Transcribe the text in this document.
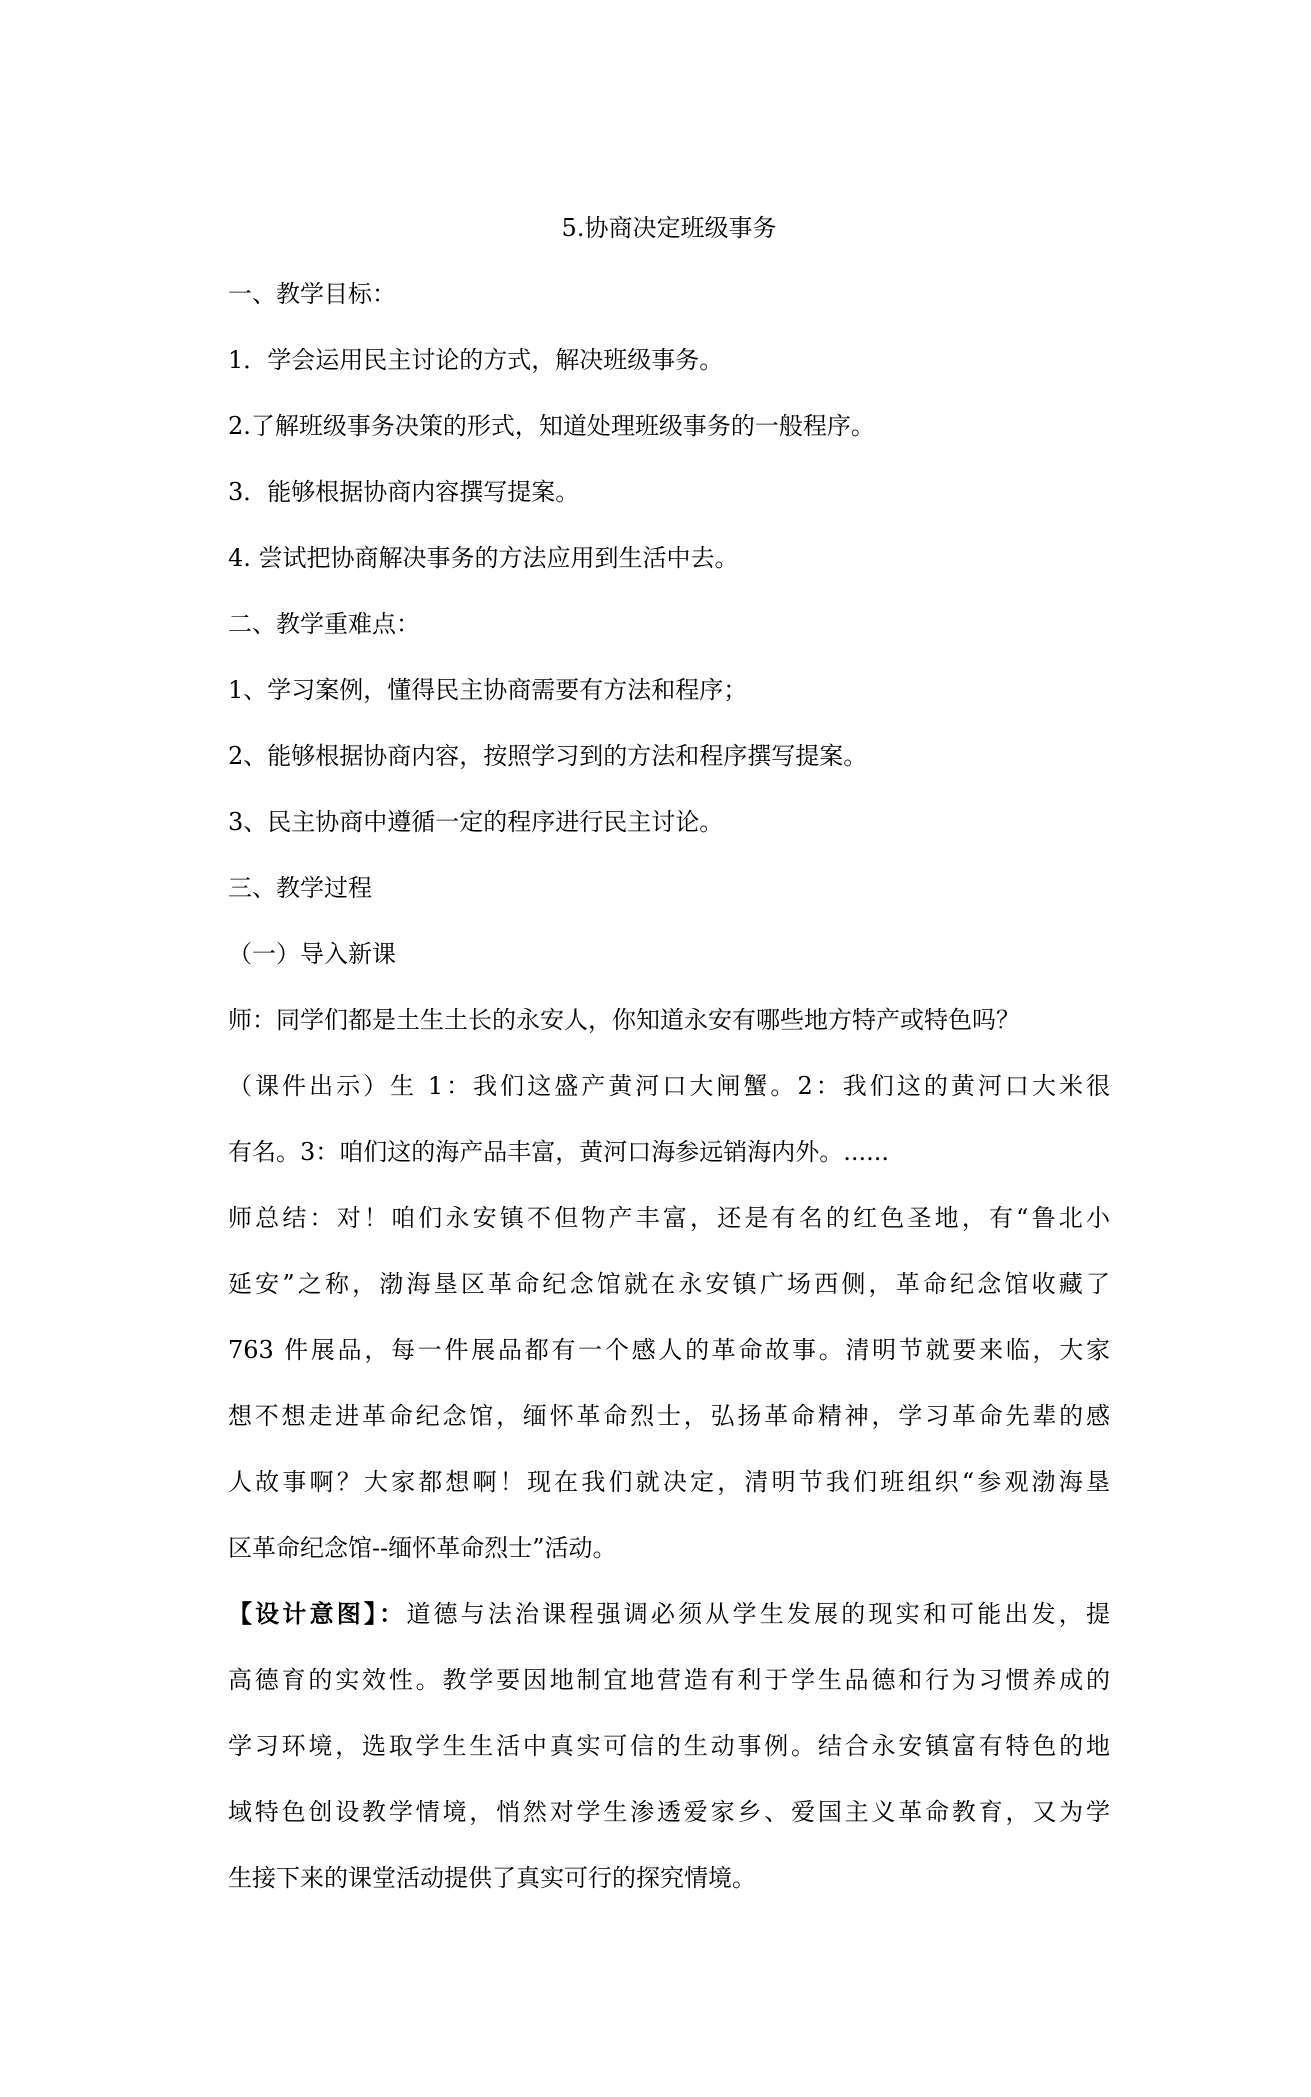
5.协商决定班级事务
一、教学目标：
1．学会运用民主讨论的方式，解决班级事务。
2.了解班级事务决策的形式，知道处理班级事务的一般程序。
3．能够根据协商内容撰写提案。
4. 尝试把协商解决事务的方法应用到生活中去。
二、教学重难点：
1、学习案例，懂得民主协商需要有方法和程序；
2、能够根据协商内容，按照学习到的方法和程序撰写提案。
3、民主协商中遵循一定的程序进行民主讨论。
三、教学过程
（一）导入新课
师：同学们都是土生土长的永安人，你知道永安有哪些地方特产或特色吗？
（课件出示）生 1：我们这盛产黄河口大闸蟹。2：我们这的黄河口大米很
有名。3：咱们这的海产品丰富，黄河口海参远销海内外。......
师总结：对！咱们永安镇不但物产丰富，还是有名的红色圣地，有“鲁北小
延安”之称，渤海垦区革命纪念馆就在永安镇广场西侧，革命纪念馆收藏了
763 件展品，每一件展品都有一个感人的革命故事。清明节就要来临，大家
想不想走进革命纪念馆，缅怀革命烈士，弘扬革命精神，学习革命先辈的感
人故事啊？大家都想啊！现在我们就决定，清明节我们班组织“参观渤海垦
区革命纪念馆--缅怀革命烈士”活动。
【设计意图】：道德与法治课程强调必须从学生发展的现实和可能出发，提
高德育的实效性。教学要因地制宜地营造有利于学生品德和行为习惯养成的
学习环境，选取学生生活中真实可信的生动事例。结合永安镇富有特色的地
域特色创设教学情境，悄然对学生渗透爱家乡、爱国主义革命教育，又为学
生接下来的课堂活动提供了真实可行的探究情境。
